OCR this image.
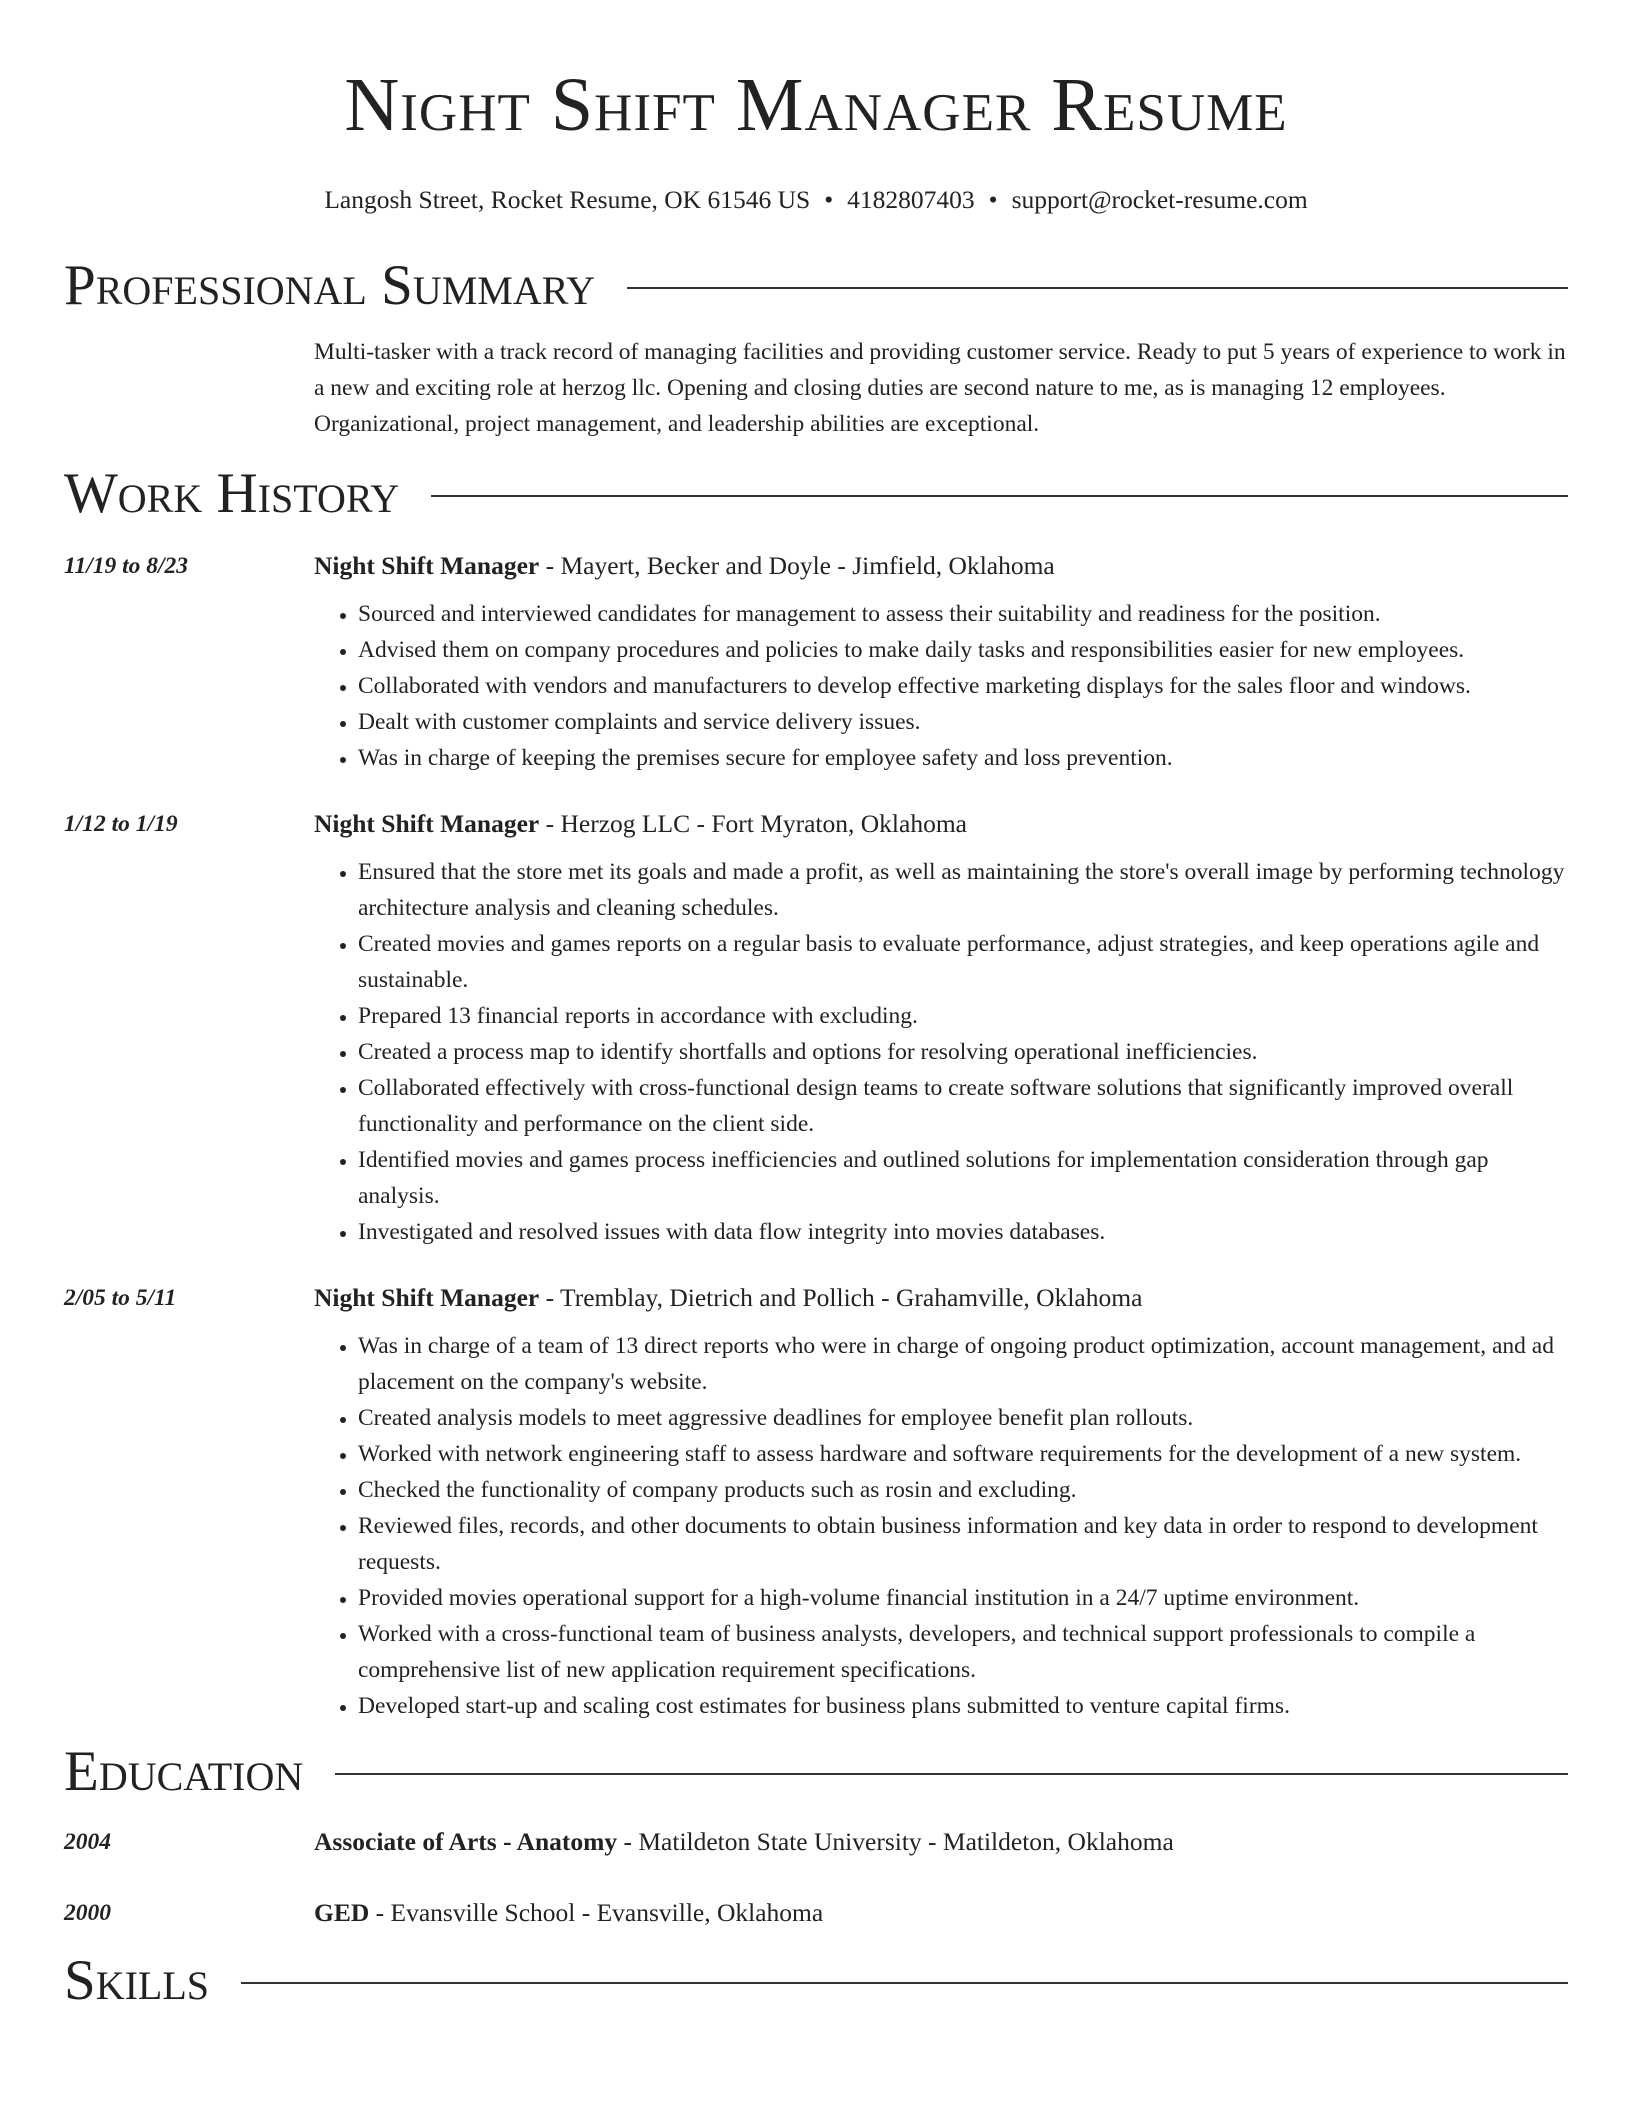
Night Shift Manager Resume
Langosh Street, Rocket Resume, OK 61546 US • 4182807403 • support@rocket-resume.com
Professional Summary
Multi-tasker with a track record of managing facilities and providing customer service. Ready to put 5 years of experience to work in a new and exciting role at herzog llc. Opening and closing duties are second nature to me, as is managing 12 employees. Organizational, project management, and leadership abilities are exceptional.
Work History
11/19 to 8/23	Night Shift Manager - Mayert, Becker and Doyle - Jimfield, Oklahoma
• Sourced and interviewed candidates for management to assess their suitability and readiness for the position.
• Advised them on company procedures and policies to make daily tasks and responsibilities easier for new employees.
• Collaborated with vendors and manufacturers to develop effective marketing displays for the sales floor and windows.
• Dealt with customer complaints and service delivery issues.
• Was in charge of keeping the premises secure for employee safety and loss prevention.
1/12 to 1/19	Night Shift Manager - Herzog LLC - Fort Myraton, Oklahoma
• Ensured that the store met its goals and made a profit, as well as maintaining the store's overall image by performing technology architecture analysis and cleaning schedules.
• Created movies and games reports on a regular basis to evaluate performance, adjust strategies, and keep operations agile and sustainable.
• Prepared 13 financial reports in accordance with excluding.
• Created a process map to identify shortfalls and options for resolving operational inefficiencies.
• Collaborated effectively with cross-functional design teams to create software solutions that significantly improved overall functionality and performance on the client side.
• Identified movies and games process inefficiencies and outlined solutions for implementation consideration through gap analysis.
• Investigated and resolved issues with data flow integrity into movies databases.
2/05 to 5/11	Night Shift Manager - Tremblay, Dietrich and Pollich - Grahamville, Oklahoma
• Was in charge of a team of 13 direct reports who were in charge of ongoing product optimization, account management, and ad placement on the company's website.
• Created analysis models to meet aggressive deadlines for employee benefit plan rollouts.
• Worked with network engineering staff to assess hardware and software requirements for the development of a new system.
• Checked the functionality of company products such as rosin and excluding.
• Reviewed files, records, and other documents to obtain business information and key data in order to respond to development requests.
• Provided movies operational support for a high-volume financial institution in a 24/7 uptime environment.
• Worked with a cross-functional team of business analysts, developers, and technical support professionals to compile a comprehensive list of new application requirement specifications.
• Developed start-up and scaling cost estimates for business plans submitted to venture capital firms.
Education
2004	Associate of Arts - Anatomy - Matildeton State University - Matildeton, Oklahoma
2000	GED - Evansville School - Evansville, Oklahoma
Skills
